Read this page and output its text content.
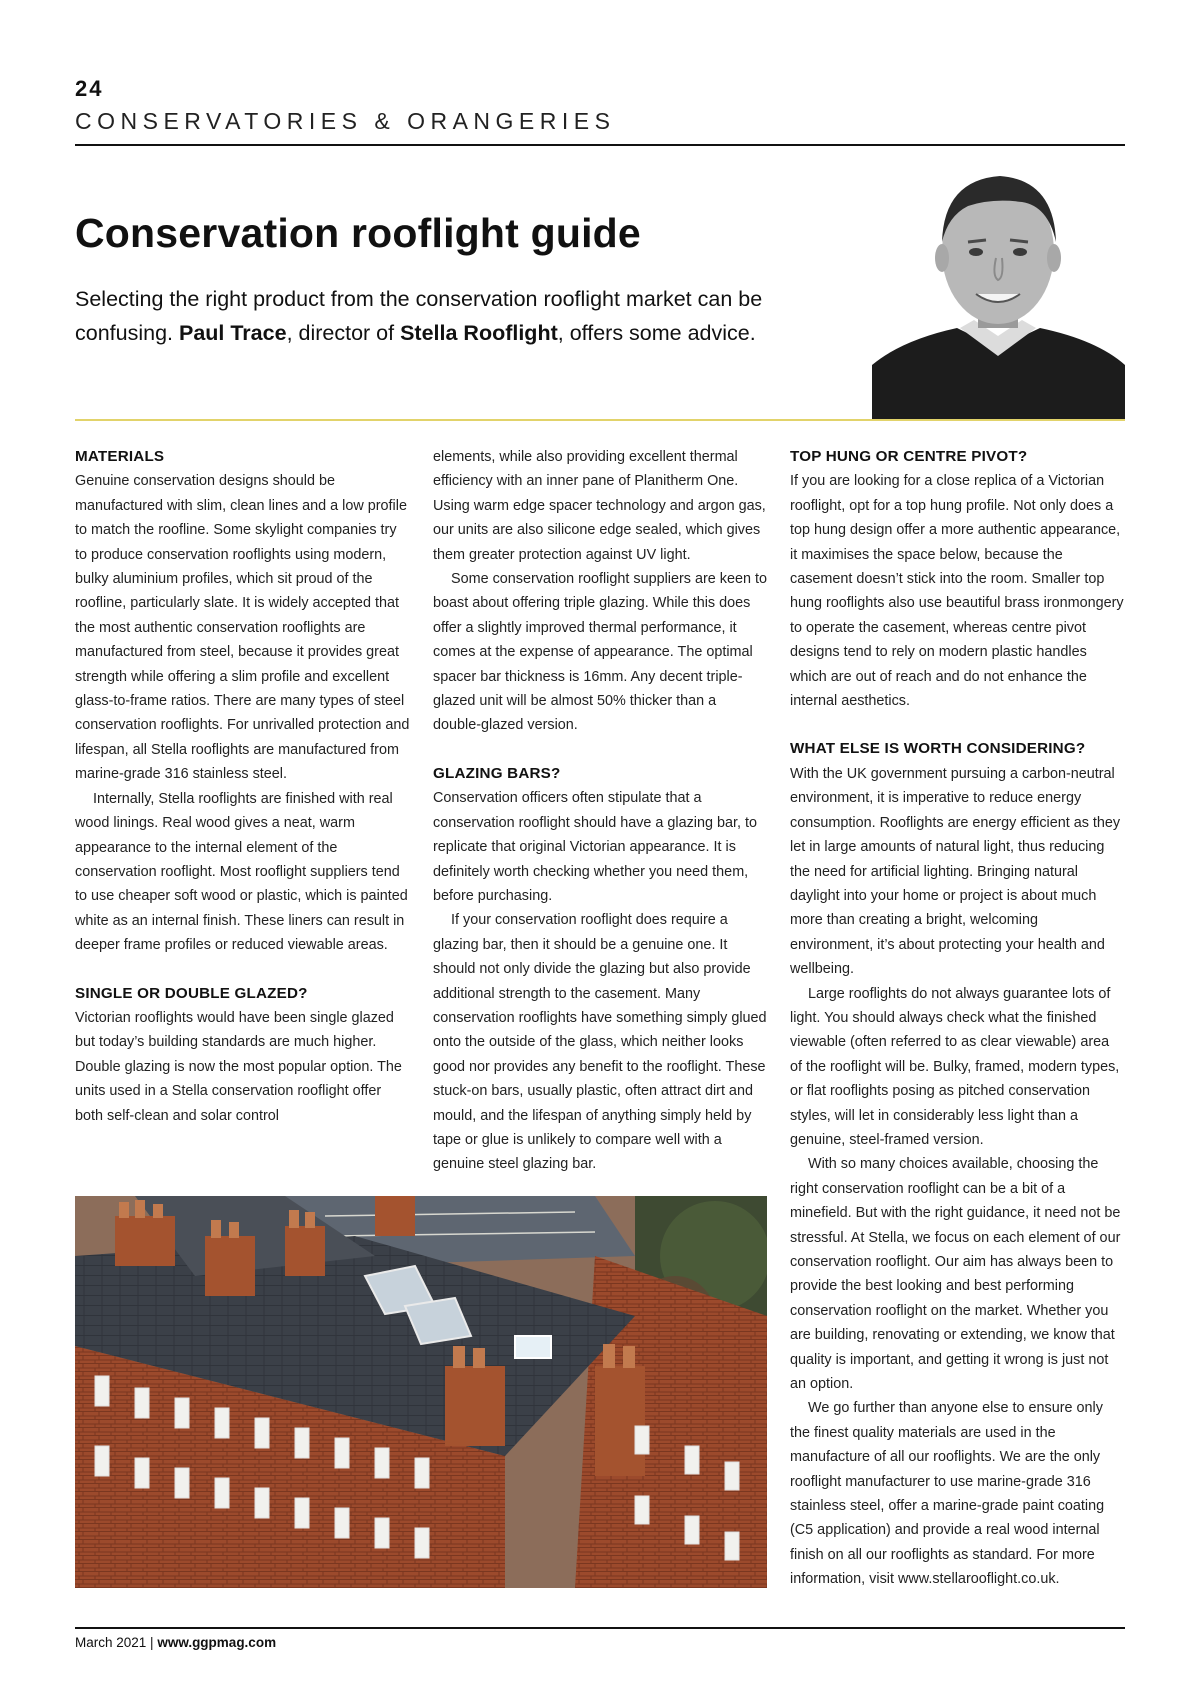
24
CONSERVATORIES & ORANGERIES
Conservation rooflight guide

Selecting the right product from the conservation rooflight market can be confusing. Paul Trace, director of Stella Rooflight, offers some advice.

MATERIALS

Genuine conservation designs should be manufactured with slim, clean lines and a low profile to match the roofline. Some skylight companies try to produce conservation rooflights using modern, bulky aluminium profiles, which sit proud of the roofline, particularly slate. It is widely accepted that the most authentic conservation rooflights are manufactured from steel, because it provides great strength while offering a slim profile and excellent glass-to-frame ratios. There are many types of steel conservation rooflights. For unrivalled protection and lifespan, all Stella rooflights are manufactured from marine-grade 316 stainless steel.

Internally, Stella rooflights are finished with real wood linings. Real wood gives a neat, warm appearance to the internal element of the conservation rooflight. Most rooflight suppliers tend to use cheaper soft wood or plastic, which is painted white as an internal finish. These liners can result in deeper frame profiles or reduced viewable areas.

SINGLE OR DOUBLE GLAZED?

Victorian rooflights would have been single glazed but today’s building standards are much higher. Double glazing is now the most popular option. The units used in a Stella conservation rooflight offer both self-clean and solar control

elements, while also providing excellent thermal efficiency with an inner pane of Planitherm One. Using warm edge spacer technology and argon gas, our units are also silicone edge sealed, which gives them greater protection against UV light.

Some conservation rooflight suppliers are keen to boast about offering triple glazing. While this does offer a slightly improved thermal performance, it comes at the expense of appearance. The optimal spacer bar thickness is 16mm. Any decent triple-glazed unit will be almost 50% thicker than a double-glazed version.

GLAZING BARS?

Conservation officers often stipulate that a conservation rooflight should have a glazing bar, to replicate that original Victorian appearance. It is definitely worth checking whether you need them, before purchasing.

If your conservation rooflight does require a glazing bar, then it should be a genuine one. It should not only divide the glazing but also provide additional strength to the casement. Many conservation rooflights have something simply glued onto the outside of the glass, which neither looks good nor provides any benefit to the rooflight. These stuck-on bars, usually plastic, often attract dirt and mould, and the lifespan of anything simply held by tape or glue is unlikely to compare well with a genuine steel glazing bar.

TOP HUNG OR CENTRE PIVOT?

If you are looking for a close replica of a Victorian rooflight, opt for a top hung profile. Not only does a top hung design offer a more authentic appearance, it maximises the space below, because the casement doesn’t stick into the room. Smaller top hung rooflights also use beautiful brass ironmongery to operate the casement, whereas centre pivot designs tend to rely on modern plastic handles which are out of reach and do not enhance the internal aesthetics.

WHAT ELSE IS WORTH CONSIDERING?

With the UK government pursuing a carbon-neutral environment, it is imperative to reduce energy consumption. Rooflights are energy efficient as they let in large amounts of natural light, thus reducing the need for artificial lighting. Bringing natural daylight into your home or project is about much more than creating a bright, welcoming environment, it’s about protecting your health and wellbeing.

Large rooflights do not always guarantee lots of light. You should always check what the finished viewable (often referred to as clear viewable) area of the rooflight will be. Bulky, framed, modern types, or flat rooflights posing as pitched conservation styles, will let in considerably less light than a genuine, steel-framed version.

With so many choices available, choosing the right conservation rooflight can be a bit of a minefield. But with the right guidance, it need not be stressful. At Stella, we focus on each element of our conservation rooflight. Our aim has always been to provide the best looking and best performing conservation rooflight on the market. Whether you are building, renovating or extending, we know that quality is important, and getting it wrong is just not an option.

We go further than anyone else to ensure only the finest quality materials are used in the manufacture of all our rooflights. We are the only rooflight manufacturer to use marine-grade 316 stainless steel, offer a marine-grade paint coating (C5 application) and provide a real wood internal finish on all our rooflights as standard. For more information, visit www.stellarooflight.co.uk.

March 2021 | www.ggpmag.com
